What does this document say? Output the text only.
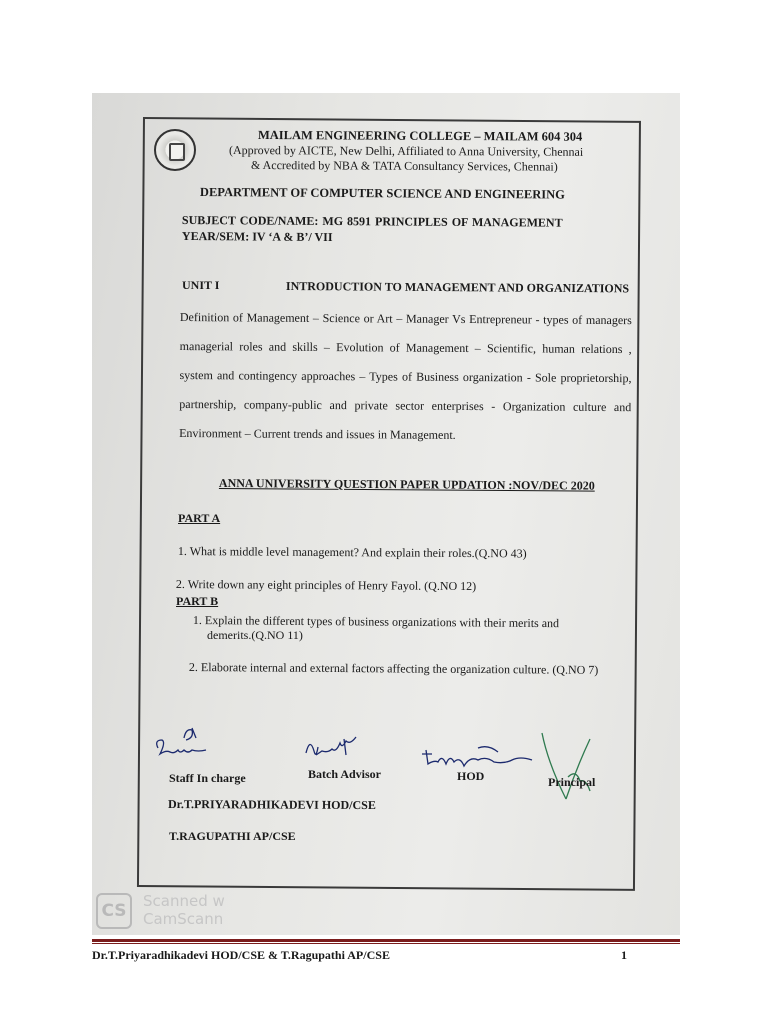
MAILAM ENGINEERING COLLEGE – MAILAM 604 304
(Approved by AICTE, New Delhi, Affiliated to Anna University, Chennai
& Accredited by NBA & TATA Consultancy Services, Chennai)
DEPARTMENT OF COMPUTER SCIENCE AND ENGINEERING
SUBJECT CODE/NAME: MG 8591 PRINCIPLES OF MANAGEMENT
YEAR/SEM: IV ‘A & B’/ VII
UNIT I	INTRODUCTION TO MANAGEMENT AND ORGANIZATIONS

Definition of Management – Science or Art – Manager Vs Entrepreneur - types of managers

managerial roles and skills – Evolution of Management – Scientific, human relations ,

system and contingency approaches – Types of Business organization - Sole proprietorship,

partnership, company-public and private sector enterprises - Organization culture and

Environment – Current trends and issues in Management.

ANNA UNIVERSITY QUESTION PAPER UPDATION :NOV/DEC 2020
PART A
1. What is middle level management? And explain their roles.(Q.NO 43)
2. Write down any eight principles of Henry Fayol. (Q.NO 12)
PART B
1. Explain the different types of business organizations with their merits and
demerits.(Q.NO 11)
2. Elaborate internal and external factors affecting the organization culture. (Q.NO 7)
Staff In charge	Batch Advisor	HOD	Principal
Dr.T.PRIYARADHIKADEVI HOD/CSE
T.RAGUPATHI AP/CSE
CS	Scanned w
CamScann
Dr.T.Priyaradhikadevi HOD/CSE & T.Ragupathi AP/CSE	1
